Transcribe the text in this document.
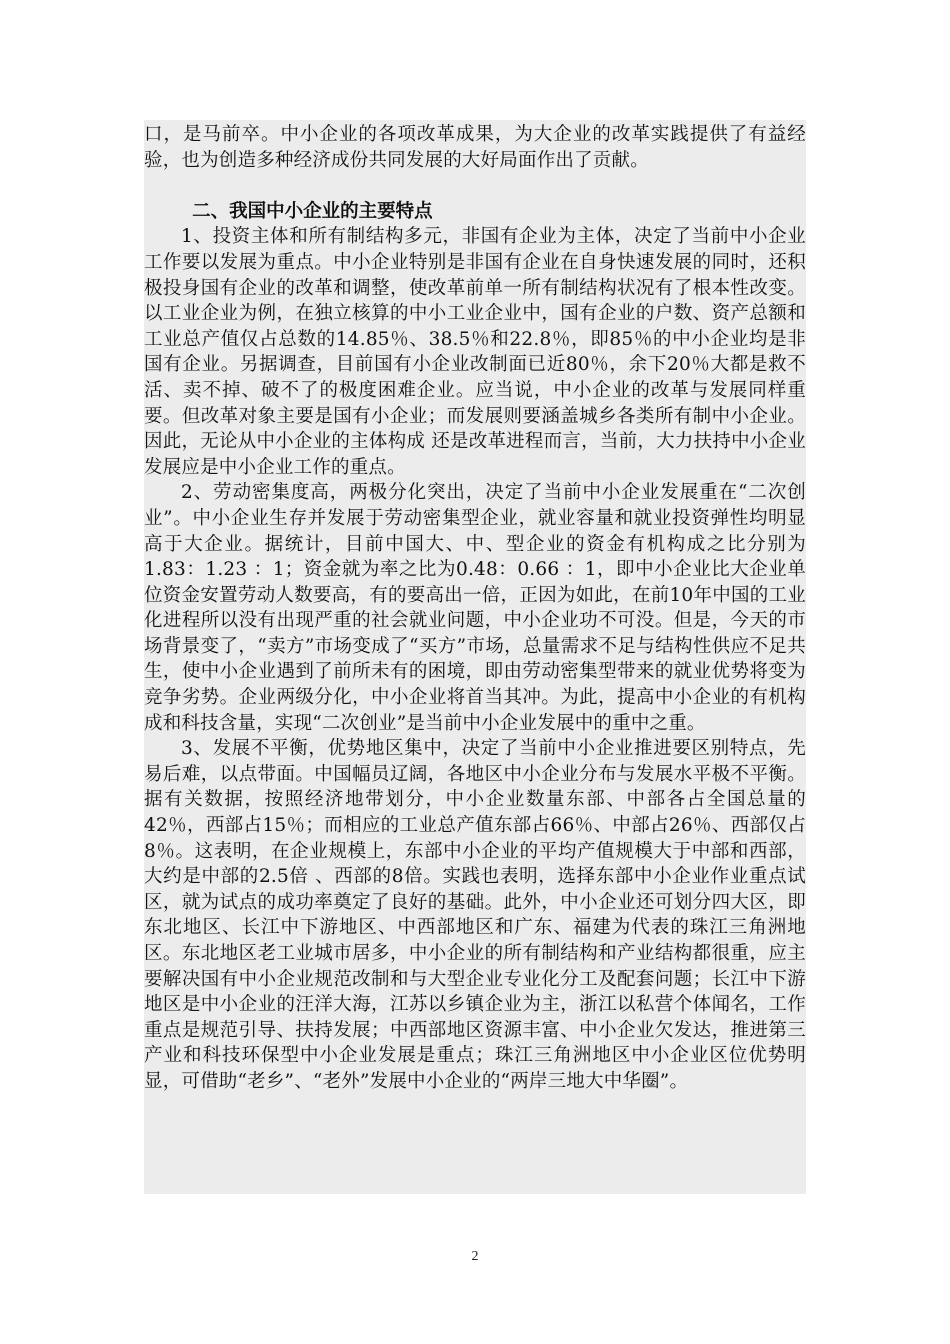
口，是马前卒。中小企业的各项改革成果，为大企业的改革实践提供了有益经验，也为创造多种经济成份共同发展的大好局面作出了贡献。

二、我国中小企业的主要特点

1、投资主体和所有制结构多元，非国有企业为主体，决定了当前中小企业工作要以发展为重点。中小企业特别是非国有企业在自身快速发展的同时，还积极投身国有企业的改革和调整，使改革前单一所有制结构状况有了根本性改变。以工业企业为例，在独立核算的中小工业企业中，国有企业的户数、资产总额和工业总产值仅占总数的14.85％、38.5％和22.8％，即85％的中小企业均是非国有企业。另据调查，目前国有小企业改制面已近80％，余下20％大都是救不活、卖不掉、破不了的极度困难企业。应当说，中小企业的改革与发展同样重要。但改革对象主要是国有小企业；而发展则要涵盖城乡各类所有制中小企业。因此，无论从中小企业的主体构成 还是改革进程而言，当前，大力扶持中小企业发展应是中小企业工作的重点。

2、劳动密集度高，两极分化突出，决定了当前中小企业发展重在“二次创业”。中小企业生存并发展于劳动密集型企业，就业容量和就业投资弹性均明显高于大企业。据统计，目前中国大、中、型企业的资金有机构成之比分别为1.83：1.23 ：1；资金就为率之比为0.48：0.66 ：1，即中小企业比大企业单位资金安置劳动人数要高，有的要高出一倍，正因为如此，在前10年中国的工业化进程所以没有出现严重的社会就业问题，中小企业功不可没。但是，今天的市场背景变了，“卖方”市场变成了“买方”市场，总量需求不足与结构性供应不足共生，使中小企业遇到了前所未有的困境，即由劳动密集型带来的就业优势将变为竞争劣势。企业两级分化，中小企业将首当其冲。为此，提高中小企业的有机构成和科技含量，实现“二次创业”是当前中小企业发展中的重中之重。

3、发展不平衡，优势地区集中，决定了当前中小企业推进要区别特点，先易后难，以点带面。中国幅员辽阔，各地区中小企业分布与发展水平极不平衡。据有关数据，按照经济地带划分，中小企业数量东部、中部各占全国总量的42％，西部占15％；而相应的工业总产值东部占66％、中部占26％、西部仅占8％。这表明，在企业规模上，东部中小企业的平均产值规模大于中部和西部，大约是中部的2.5倍 、西部的8倍。实践也表明，选择东部中小企业作业重点试区，就为试点的成功率奠定了良好的基础。此外，中小企业还可划分四大区，即东北地区、长江中下游地区、中西部地区和广东、福建为代表的珠江三角洲地区。东北地区老工业城市居多，中小企业的所有制结构和产业结构都很重，应主要解决国有中小企业规范改制和与大型企业专业化分工及配套问题；长江中下游地区是中小企业的汪洋大海，江苏以乡镇企业为主，浙江以私营个体闻名，工作重点是规范引导、扶持发展；中西部地区资源丰富、中小企业欠发达，推进第三产业和科技环保型中小企业发展是重点；珠江三角洲地区中小企业区位优势明显，可借助“老乡”、“老外”发展中小企业的“两岸三地大中华圈”。

2
